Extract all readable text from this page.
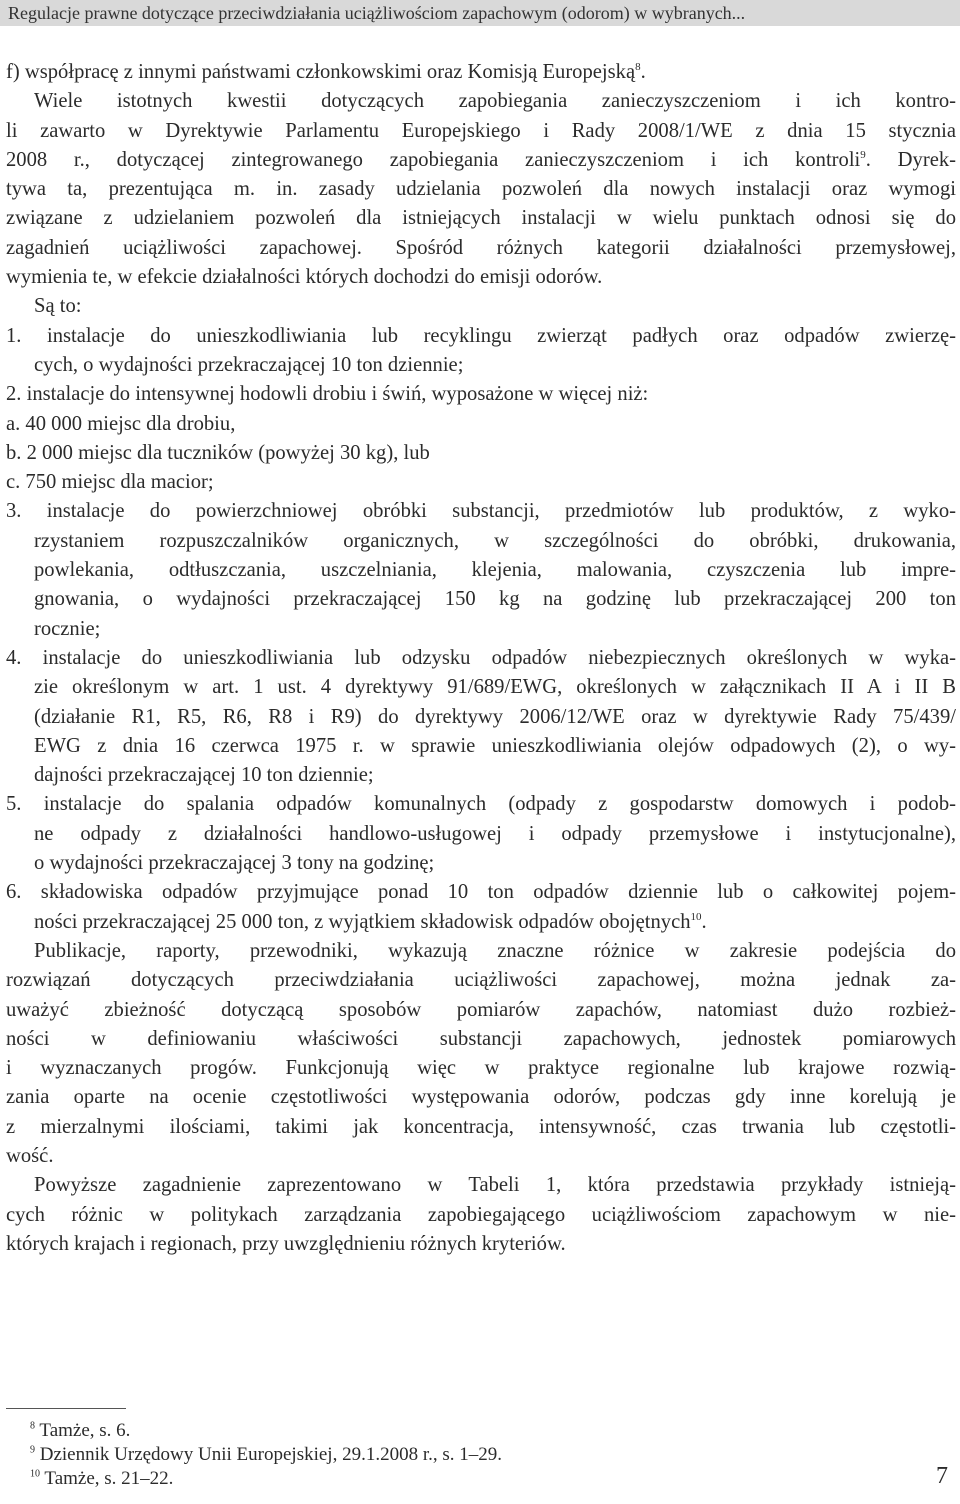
Regulacje prawne dotyczące przeciwdziałania uciążliwościom zapachowym (odorom) w wybranych...
f) współpracę z innymi państwami członkowskimi oraz Komisją Europejską$^8$.
Wiele istotnych kwestii dotyczących zapobiegania zanieczyszczeniom i ich kontro-
li zawarto w Dyrektywie Parlamentu Europejskiego i Rady 2008/1/WE z dnia 15 stycznia
2008 r., dotyczącej zintegrowanego zapobiegania zanieczyszczeniom i ich kontroli$^9$. Dyrek-
tywa ta, prezentująca m. in. zasady udzielania pozwoleń dla nowych instalacji oraz wymogi
związane z udzielaniem pozwoleń dla istniejących instalacji w wielu punktach odnosi się do
zagadnień uciążliwości zapachowej. Spośród różnych kategorii działalności przemysłowej,
wymienia te, w efekcie działalności których dochodzi do emisji odorów.
Są to:
1. instalacje do unieszkodliwiania lub recyklingu zwierząt padłych oraz odpadów zwierzę-
cych, o wydajności przekraczającej 10 ton dziennie;
2. instalacje do intensywnej hodowli drobiu i świń, wyposażone w więcej niż:
a. 40 000 miejsc dla drobiu,
b. 2 000 miejsc dla tuczników (powyżej 30 kg), lub
c. 750 miejsc dla macior;
3. instalacje do powierzchniowej obróbki substancji, przedmiotów lub produktów, z wyko-
rzystaniem rozpuszczalników organicznych, w szczególności do obróbki, drukowania,
powlekania, odtłuszczania, uszczelniania, klejenia, malowania, czyszczenia lub impre-
gnowania, o wydajności przekraczającej 150 kg na godzinę lub przekraczającej 200 ton
rocznie;
4. instalacje do unieszkodliwiania lub odzysku odpadów niebezpiecznych określonych w wyka-
zie określonym w art. 1 ust. 4 dyrektywy 91/689/EWG, określonych w załącznikach II A i II B
(działanie R1, R5, R6, R8 i R9) do dyrektywy 2006/12/WE oraz w dyrektywie Rady 75/439/
EWG z dnia 16 czerwca 1975 r. w sprawie unieszkodliwiania olejów odpadowych (2), o wy-
dajności przekraczającej 10 ton dziennie;
5. instalacje do spalania odpadów komunalnych (odpady z gospodarstw domowych i podob-
ne odpady z działalności handlowo-usługowej i odpady przemysłowe i instytucjonalne),
o wydajności przekraczającej 3 tony na godzinę;
6. składowiska odpadów przyjmujące ponad 10 ton odpadów dziennie lub o całkowitej pojem-
ności przekraczającej 25 000 ton, z wyjątkiem składowisk odpadów obojętnych$^{10}$.
Publikacje, raporty, przewodniki, wykazują znaczne różnice w zakresie podejścia do
rozwiązań dotyczących przeciwdziałania uciążliwości zapachowej, można jednak za-
uważyć zbieżność dotyczącą sposobów pomiarów zapachów, natomiast dużo rozbież-
ności w definiowaniu właściwości substancji zapachowych, jednostek pomiarowych
i wyznaczanych progów. Funkcjonują więc w praktyce regionalne lub krajowe rozwią-
zania oparte na ocenie częstotliwości występowania odorów, podczas gdy inne korelują je
z mierzalnymi ilościami, takimi jak koncentracja, intensywność, czas trwania lub częstotli-
wość.
Powyższe zagadnienie zaprezentowano w Tabeli 1, która przedstawia przykłady istnieją-
cych różnic w politykach zarządzania zapobiegającego uciążliwościom zapachowym w nie-
których krajach i regionach, przy uwzględnieniu różnych kryteriów.
$^8$ Tamże, s. 6.
$^9$ Dziennik Urzędowy Unii Europejskiej, 29.1.2008 r., s. 1–29.
$^{10}$ Tamże, s. 21–22.	7
